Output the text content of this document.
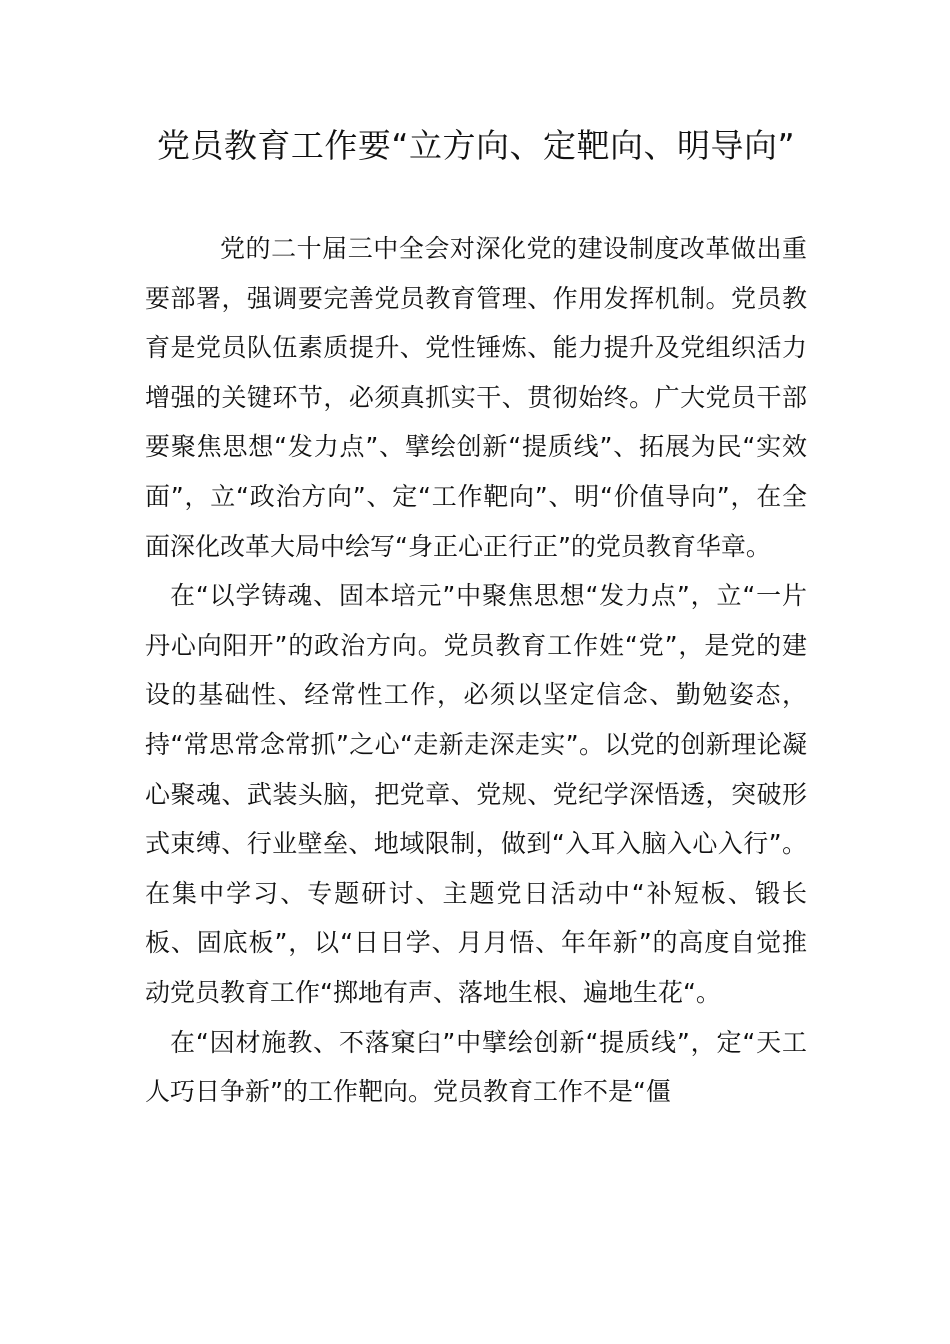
党员教育工作要“立方向、定靶向、明导向”

党的二十届三中全会对深化党的建设制度改革做出重要部署，强调要完善党员教育管理、作用发挥机制。党员教育是党员队伍素质提升、党性锤炼、能力提升及党组织活力增强的关键环节，必须真抓实干、贯彻始终。广大党员干部要聚焦思想“发力点”、擘绘创新“提质线”、拓展为民“实效面”，立“政治方向”、定“工作靶向”、明“价值导向”，在全面深化改革大局中绘写“身正心正行正”的党员教育华章。

在“以学铸魂、固本培元”中聚焦思想“发力点”，立“一片丹心向阳开”的政治方向。党员教育工作姓“党”，是党的建设的基础性、经常性工作，必须以坚定信念、勤勉姿态，持“常思常念常抓”之心“走新走深走实”。以党的创新理论凝心聚魂、武装头脑，把党章、党规、党纪学深悟透，突破形式束缚、行业壁垒、地域限制，做到“入耳入脑入心入行”。在集中学习、专题研讨、主题党日活动中“补短板、锻长板、固底板”，以“日日学、月月悟、年年新”的高度自觉推动党员教育工作“掷地有声、落地生根、遍地生花“。

在“因材施教、不落窠臼”中擘绘创新“提质线”，定“天工人巧日争新”的工作靶向。党员教育工作不是“僵
